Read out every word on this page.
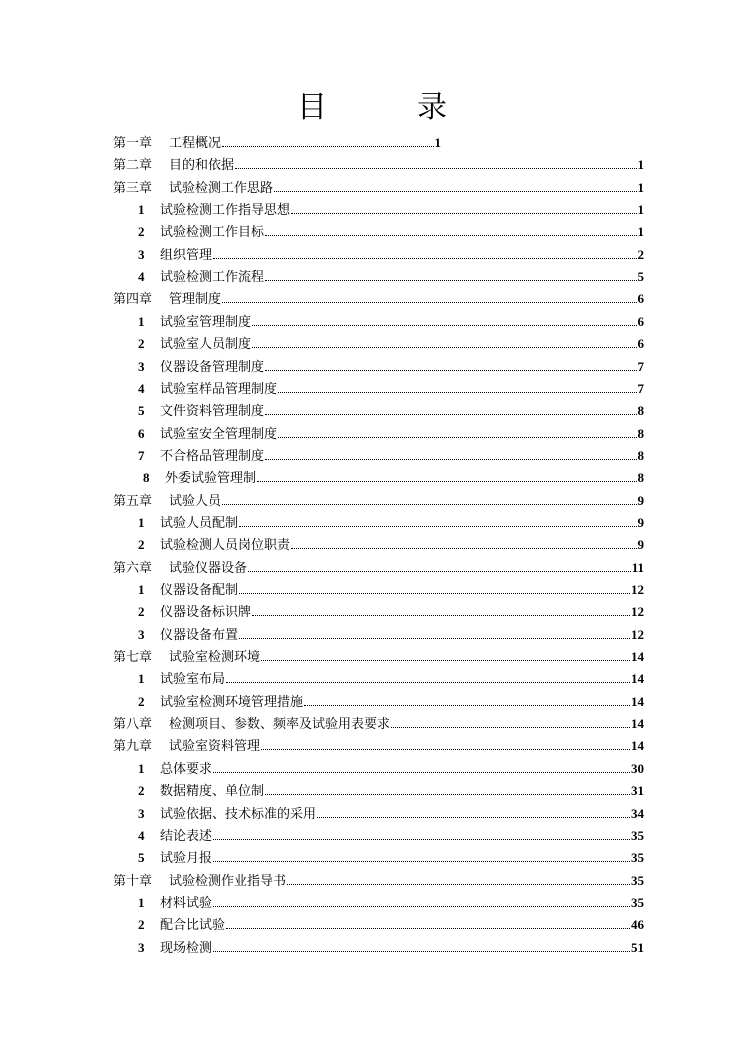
目　录
第一章	工程概况	1
第二章	目的和依据	1
第三章	试验检测工作思路	1
1	试验检测工作指导思想	1
2	试验检测工作目标	1
3	组织管理	2
4	试验检测工作流程	5
第四章	管理制度	6
1	试验室管理制度	6
2	试验室人员制度	6
3	仪器设备管理制度	7
4	试验室样品管理制度	7
5	文件资料管理制度	8
6	试验室安全管理制度	8
7	不合格品管理制度	8
8	外委试验管理制	8
第五章	试验人员	9
1	试验人员配制	9
2	试验检测人员岗位职责	9
第六章	试验仪器设备	11
1	仪器设备配制	12
2	仪器设备标识牌	12
3	仪器设备布置	12
第七章	试验室检测环境	14
1	试验室布局	14
2	试验室检测环境管理措施	14
第八章	检测项目、参数、频率及试验用表要求	14
第九章	试验室资料管理	14
1	总体要求	30
2	数据精度、单位制	31
3	试验依据、技术标准的采用	34
4	结论表述	35
5	试验月报	35
第十章	试验检测作业指导书	35
1	材料试验	35
2	配合比试验	46
3	现场检测	51
